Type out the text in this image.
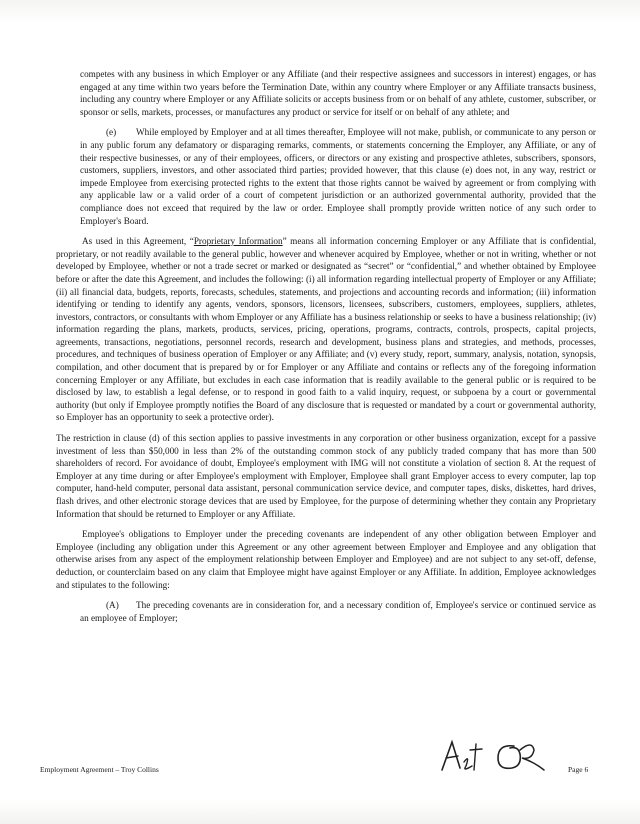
competes with any business in which Employer or any Affiliate (and their respective assignees and successors in interest) engages, or has engaged at any time within two years before the Termination Date, within any country where Employer or any Affiliate transacts business, including any country where Employer or any Affiliate solicits or accepts business from or on behalf of any athlete, customer, subscriber, or sponsor or sells, markets, processes, or manufactures any product or service for itself or on behalf of any athlete; and

(e) While employed by Employer and at all times thereafter, Employee will not make, publish, or communicate to any person or in any public forum any defamatory or disparaging remarks, comments, or statements concerning the Employer, any Affiliate, or any of their respective businesses, or any of their employees, officers, or directors or any existing and prospective athletes, subscribers, sponsors, customers, suppliers, investors, and other associated third parties; provided however, that this clause (e) does not, in any way, restrict or impede Employee from exercising protected rights to the extent that those rights cannot be waived by agreement or from complying with any applicable law or a valid order of a court of competent jurisdiction or an authorized governmental authority, provided that the compliance does not exceed that required by the law or order. Employee shall promptly provide written notice of any such order to Employer's Board.

As used in this Agreement, “Proprietary Information” means all information concerning Employer or any Affiliate that is confidential, proprietary, or not readily available to the general public, however and whenever acquired by Employee, whether or not in writing, whether or not developed by Employee, whether or not a trade secret or marked or designated as “secret” or “confidential,” and whether obtained by Employee before or after the date this Agreement, and includes the following: (i) all information regarding intellectual property of Employer or any Affiliate; (ii) all financial data, budgets, reports, forecasts, schedules, statements, and projections and accounting records and information; (iii) information identifying or tending to identify any agents, vendors, sponsors, licensors, licensees, subscribers, customers, employees, suppliers, athletes, investors, contractors, or consultants with whom Employer or any Affiliate has a business relationship or seeks to have a business relationship; (iv) information regarding the plans, markets, products, services, pricing, operations, programs, contracts, controls, prospects, capital projects, agreements, transactions, negotiations, personnel records, research and development, business plans and strategies, and methods, processes, procedures, and techniques of business operation of Employer or any Affiliate; and (v) every study, report, summary, analysis, notation, synopsis, compilation, and other document that is prepared by or for Employer or any Affiliate and contains or reflects any of the foregoing information concerning Employer or any Affiliate, but excludes in each case information that is readily available to the general public or is required to be disclosed by law, to establish a legal defense, or to respond in good faith to a valid inquiry, request, or subpoena by a court or governmental authority (but only if Employee promptly notifies the Board of any disclosure that is requested or mandated by a court or governmental authority, so Employer has an opportunity to seek a protective order).

The restriction in clause (d) of this section applies to passive investments in any corporation or other business organization, except for a passive investment of less than $50,000 in less than 2% of the outstanding common stock of any publicly traded company that has more than 500 shareholders of record. For avoidance of doubt, Employee's employment with IMG will not constitute a violation of section 8. At the request of Employer at any time during or after Employee's employment with Employer, Employee shall grant Employer access to every computer, lap top computer, hand-held computer, personal data assistant, personal communication service device, and computer tapes, disks, diskettes, hard drives, flash drives, and other electronic storage devices that are used by Employee, for the purpose of determining whether they contain any Proprietary Information that should be returned to Employer or any Affiliate.

Employee's obligations to Employer under the preceding covenants are independent of any other obligation between Employer and Employee (including any obligation under this Agreement or any other agreement between Employer and Employee and any obligation that otherwise arises from any aspect of the employment relationship between Employer and Employee) and are not subject to any set-off, defense, deduction, or counterclaim based on any claim that Employee might have against Employer or any Affiliate. In addition, Employee acknowledges and stipulates to the following:

(A) The preceding covenants are in consideration for, and a necessary condition of, Employee's service or continued service as an employee of Employer;

Employment Agreement – Troy Collins	Page 6
